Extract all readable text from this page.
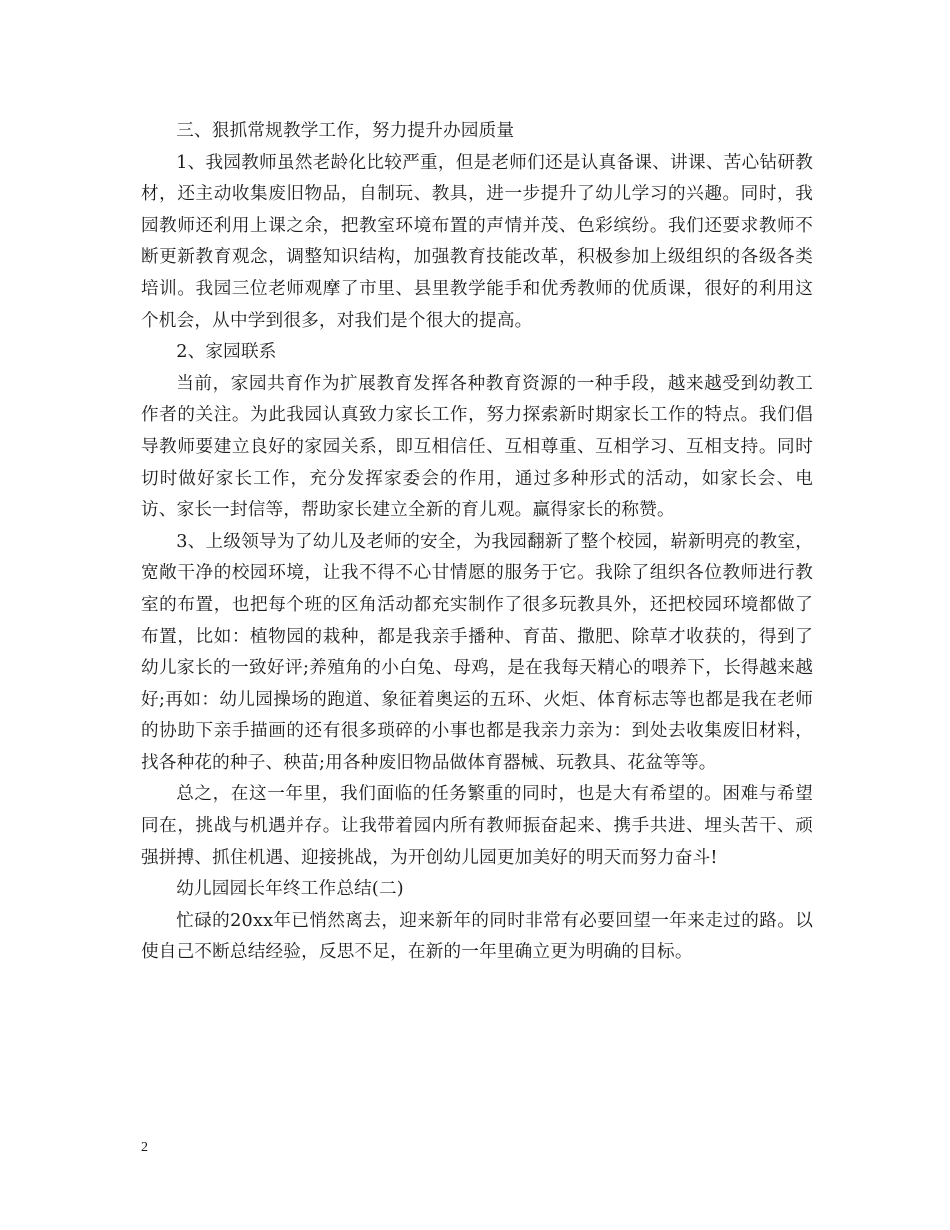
三、狠抓常规教学工作，努力提升办园质量

1、我园教师虽然老龄化比较严重，但是老师们还是认真备课、讲课、苦心钻研教材，还主动收集废旧物品，自制玩、教具，进一步提升了幼儿学习的兴趣。同时，我园教师还利用上课之余，把教室环境布置的声情并茂、色彩缤纷。我们还要求教师不断更新教育观念，调整知识结构，加强教育技能改革，积极参加上级组织的各级各类培训。我园三位老师观摩了市里、县里教学能手和优秀教师的优质课，很好的利用这个机会，从中学到很多，对我们是个很大的提高。

2、家园联系

当前，家园共育作为扩展教育发挥各种教育资源的一种手段，越来越受到幼教工作者的关注。为此我园认真致力家长工作，努力探索新时期家长工作的特点。我们倡导教师要建立良好的家园关系，即互相信任、互相尊重、互相学习、互相支持。同时切时做好家长工作，充分发挥家委会的作用，通过多种形式的活动，如家长会、电访、家长一封信等，帮助家长建立全新的育儿观。赢得家长的称赞。

3、上级领导为了幼儿及老师的安全，为我园翻新了整个校园，崭新明亮的教室，宽敞干净的校园环境，让我不得不心甘情愿的服务于它。我除了组织各位教师进行教室的布置，也把每个班的区角活动都充实制作了很多玩教具外，还把校园环境都做了布置，比如：植物园的栽种，都是我亲手播种、育苗、撒肥、除草才收获的，得到了幼儿家长的一致好评;养殖角的小白兔、母鸡，是在我每天精心的喂养下，长得越来越好;再如：幼儿园操场的跑道、象征着奥运的五环、火炬、体育标志等也都是我在老师的协助下亲手描画的还有很多琐碎的小事也都是我亲力亲为：到处去收集废旧材料，找各种花的种子、秧苗;用各种废旧物品做体育器械、玩教具、花盆等等。

总之，在这一年里，我们面临的任务繁重的同时，也是大有希望的。困难与希望同在，挑战与机遇并存。让我带着园内所有教师振奋起来、携手共进、埋头苦干、顽强拼搏、抓住机遇、迎接挑战，为开创幼儿园更加美好的明天而努力奋斗!

幼儿园园长年终工作总结(二)

忙碌的20xx年已悄然离去，迎来新年的同时非常有必要回望一年来走过的路。以使自己不断总结经验，反思不足，在新的一年里确立更为明确的目标。

2
